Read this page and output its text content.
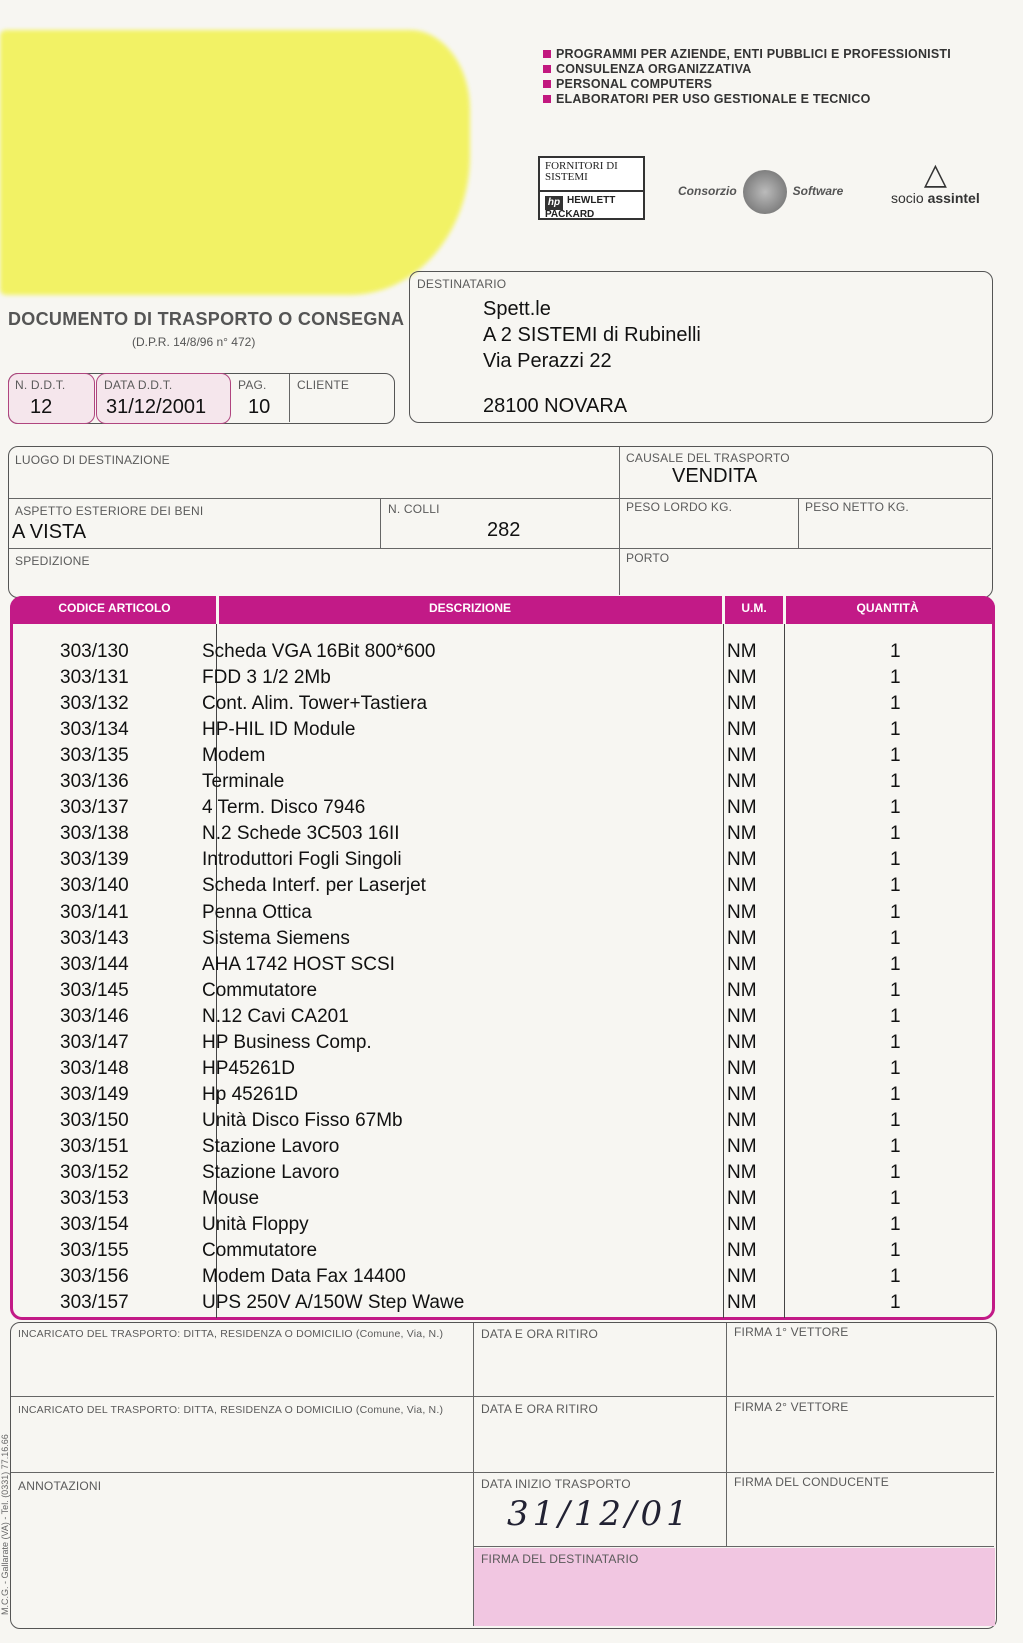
PROGRAMMI PER AZIENDE, ENTI PUBBLICI E PROFESSIONISTI
CONSULENZA ORGANIZZATIVA
PERSONAL COMPUTERS
ELABORATORI PER USO GESTIONALE E TECNICO
FORNITORI DI SISTEMI
hp HEWLETT PACKARD
Consorzio	Software
△
socio assintel
DOCUMENTO DI TRASPORTO O CONSEGNA
(D.P.R. 14/8/96 n° 472)
N. D.D.T.
12
DATA D.D.T.
31/12/2001
PAG.
10
CLIENTE
DESTINATARIO
Spett.le
A 2 SISTEMI di Rubinelli
Via Perazzi 22
28100 NOVARA
LUOGO DI DESTINAZIONE	CAUSALE DEL TRASPORTO
VENDITA
ASPETTO ESTERIORE DEI BENI
A VISTA
N. COLLI
282
PESO LORDO KG.	PESO NETTO KG.
SPEDIZIONE	PORTO
CODICE ARTICOLO	DESCRIZIONE	U.M.	QUANTITÀ
303/130	Scheda VGA 16Bit 800*600	NM	1
303/131	FDD 3 1/2 2Mb	NM	1
303/132	Cont. Alim. Tower+Tastiera	NM	1
303/134	HP-HIL ID Module	NM	1
303/135	Modem	NM	1
303/136	Terminale	NM	1
303/137	4 Term. Disco 7946	NM	1
303/138	N.2 Schede 3C503 16II	NM	1
303/139	Introduttori Fogli Singoli	NM	1
303/140	Scheda Interf. per Laserjet	NM	1
303/141	Penna Ottica	NM	1
303/143	Sistema Siemens	NM	1
303/144	AHA 1742 HOST SCSI	NM	1
303/145	Commutatore	NM	1
303/146	N.12 Cavi CA201	NM	1
303/147	HP Business Comp.	NM	1
303/148	HP45261D	NM	1
303/149	Hp 45261D	NM	1
303/150	Unità Disco Fisso 67Mb	NM	1
303/151	Stazione Lavoro	NM	1
303/152	Stazione Lavoro	NM	1
303/153	Mouse	NM	1
303/154	Unità Floppy	NM	1
303/155	Commutatore	NM	1
303/156	Modem Data Fax 14400	NM	1
303/157	UPS 250V A/150W Step Wawe	NM	1
INCARICATO DEL TRASPORTO: DITTA, RESIDENZA O DOMICILIO (Comune, Via, N.)	DATA E ORA RITIRO	FIRMA 1° VETTORE
INCARICATO DEL TRASPORTO: DITTA, RESIDENZA O DOMICILIO (Comune, Via, N.)	DATA E ORA RITIRO	FIRMA 2° VETTORE
ANNOTAZIONI	DATA INIZIO TRASPORTO
31/12/01
FIRMA DEL CONDUCENTE
FIRMA DEL DESTINATARIO
M.C.G. - Gallarate (VA) - Tel. (0331) 77.16.66
